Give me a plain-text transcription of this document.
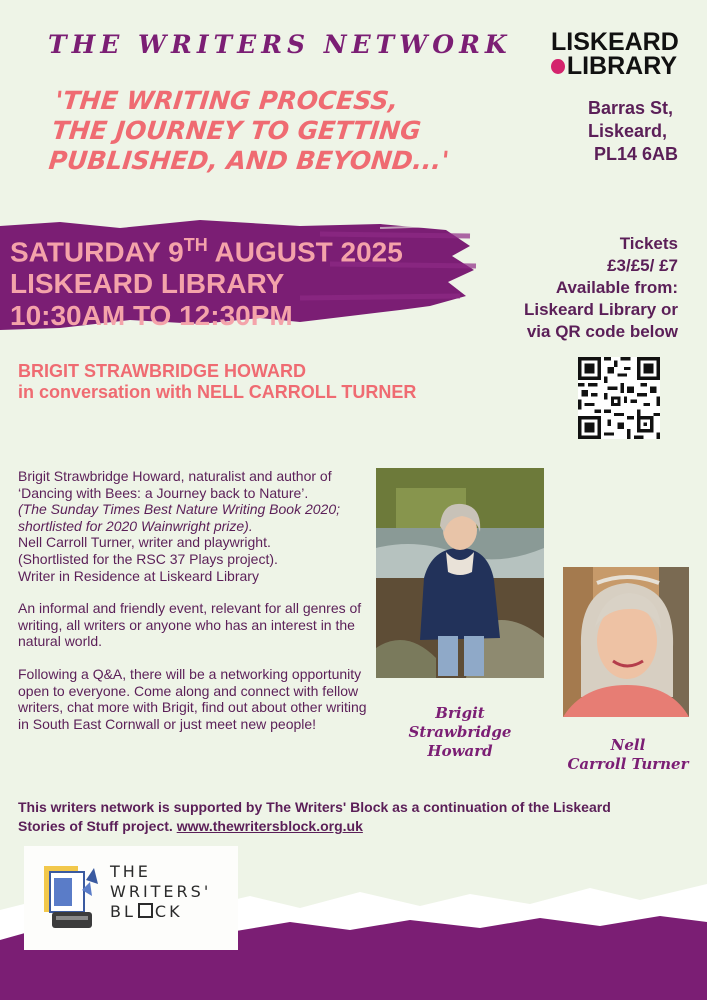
THE WRITERS NETWORK
'THE WRITING PROCESS,
THE JOURNEY TO GETTING
PUBLISHED, AND BEYOND...'
LISKEARD
LIBRARY
Barras St,
Liskeard,
PL14 6AB
SATURDAY 9TH AUGUST 2025
LISKEARD LIBRARY
10:30AM TO 12:30PM
Tickets
£3/£5/ £7
Available from:
Liskeard Library or
via QR code below
BRIGIT STRAWBRIDGE HOWARD
in conversation with NELL CARROLL TURNER

Brigit Strawbridge Howard, naturalist and author of ‘Dancing with Bees: a Journey back to Nature’.
(The Sunday Times Best Nature Writing Book 2020; shortlisted for 2020 Wainwright prize).
Nell Carroll Turner, writer and playwright.
(Shortlisted for the RSC 37 Plays project).
Writer in Residence at Liskeard Library

An informal and friendly event, relevant for all genres of writing, all writers or anyone who has an interest in the natural world.

Following a Q&A, there will be a networking opportunity open to everyone. Come along and connect with fellow writers, chat more with Brigit, find out about other writing in South East Cornwall or just meet new people!

Brigit
Strawbridge
Howard	Nell
Carroll Turner
This writers network is supported by The Writers' Block as a continuation of the Liskeard Stories of Stuff project. www.thewritersblock.org.uk
THE
WRITERS'
BL CK
